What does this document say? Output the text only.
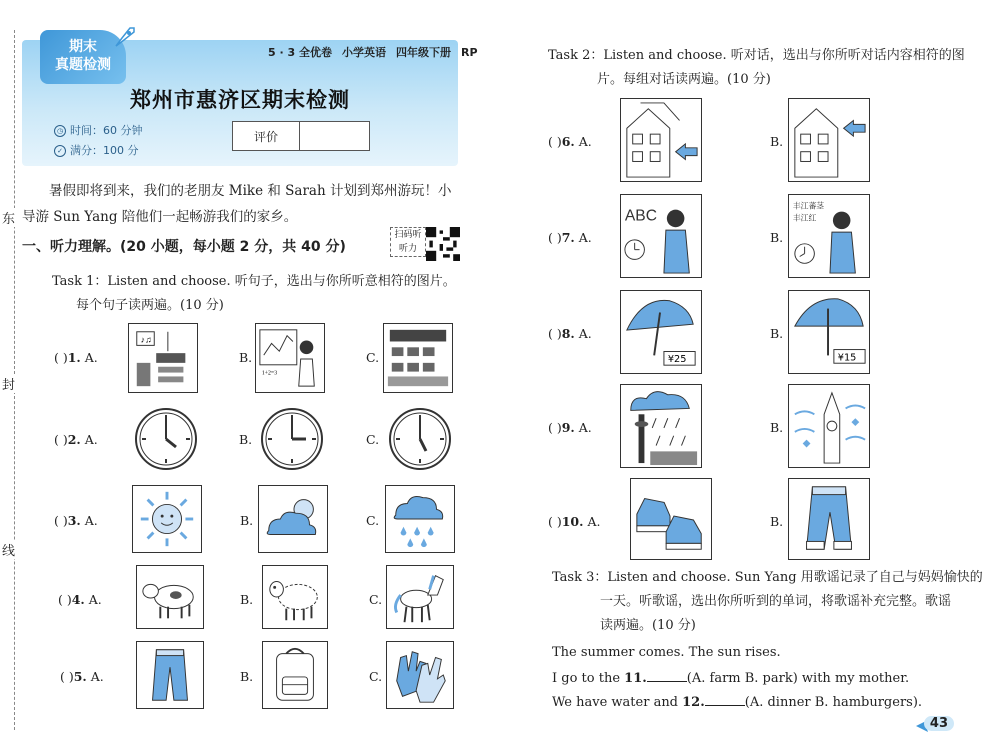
东
封
线
期末
真题检测
5 · 3 全优卷 小学英语 四年级下册 RP
郑州市惠济区期末检测
◷ 时间：60 分钟
✓ 满分：100 分
评价
暑假即将到来，我们的老朋友 Mike 和 Sarah 计划到郑州游玩！小导游 Sun Yang 陪他们一起畅游我们的家乡。
一、听力理解。(20 小题，每小题 2 分，共 40 分)
扫码听听力
Task 1：Listen and choose. 听句子，选出与你所听意相符的图片。
每个句子读两遍。(10 分)
( )1. A.
♪♫
B.
1+2=3
C.
( )2. A.	B.	C.
( )3. A.	B.	C.
( )4. A.	B.	C.
( )5. A.	B.	C.
Task 2：Listen and choose. 听对话，选出与你所听对话内容相符的图
片。每组对话读两遍。(10 分)
( )6. A.	B.
( )7. A.
ABC
B.
丰江蕃茎
丰江红
( )8. A.
¥25
B.
¥15
( )9. A.	B.
( )10. A.	B.
Task 3：Listen and choose. Sun Yang 用歌谣记录了自己与妈妈愉快的
一天。听歌谣，选出你所听到的单词，将歌谣补充完整。歌谣
读两遍。(10 分)
The summer comes. The sun rises.
I go to the 11.	(A. farm B. park) with my mother.
We have water and 12.	(A. dinner B. hamburgers).
43
